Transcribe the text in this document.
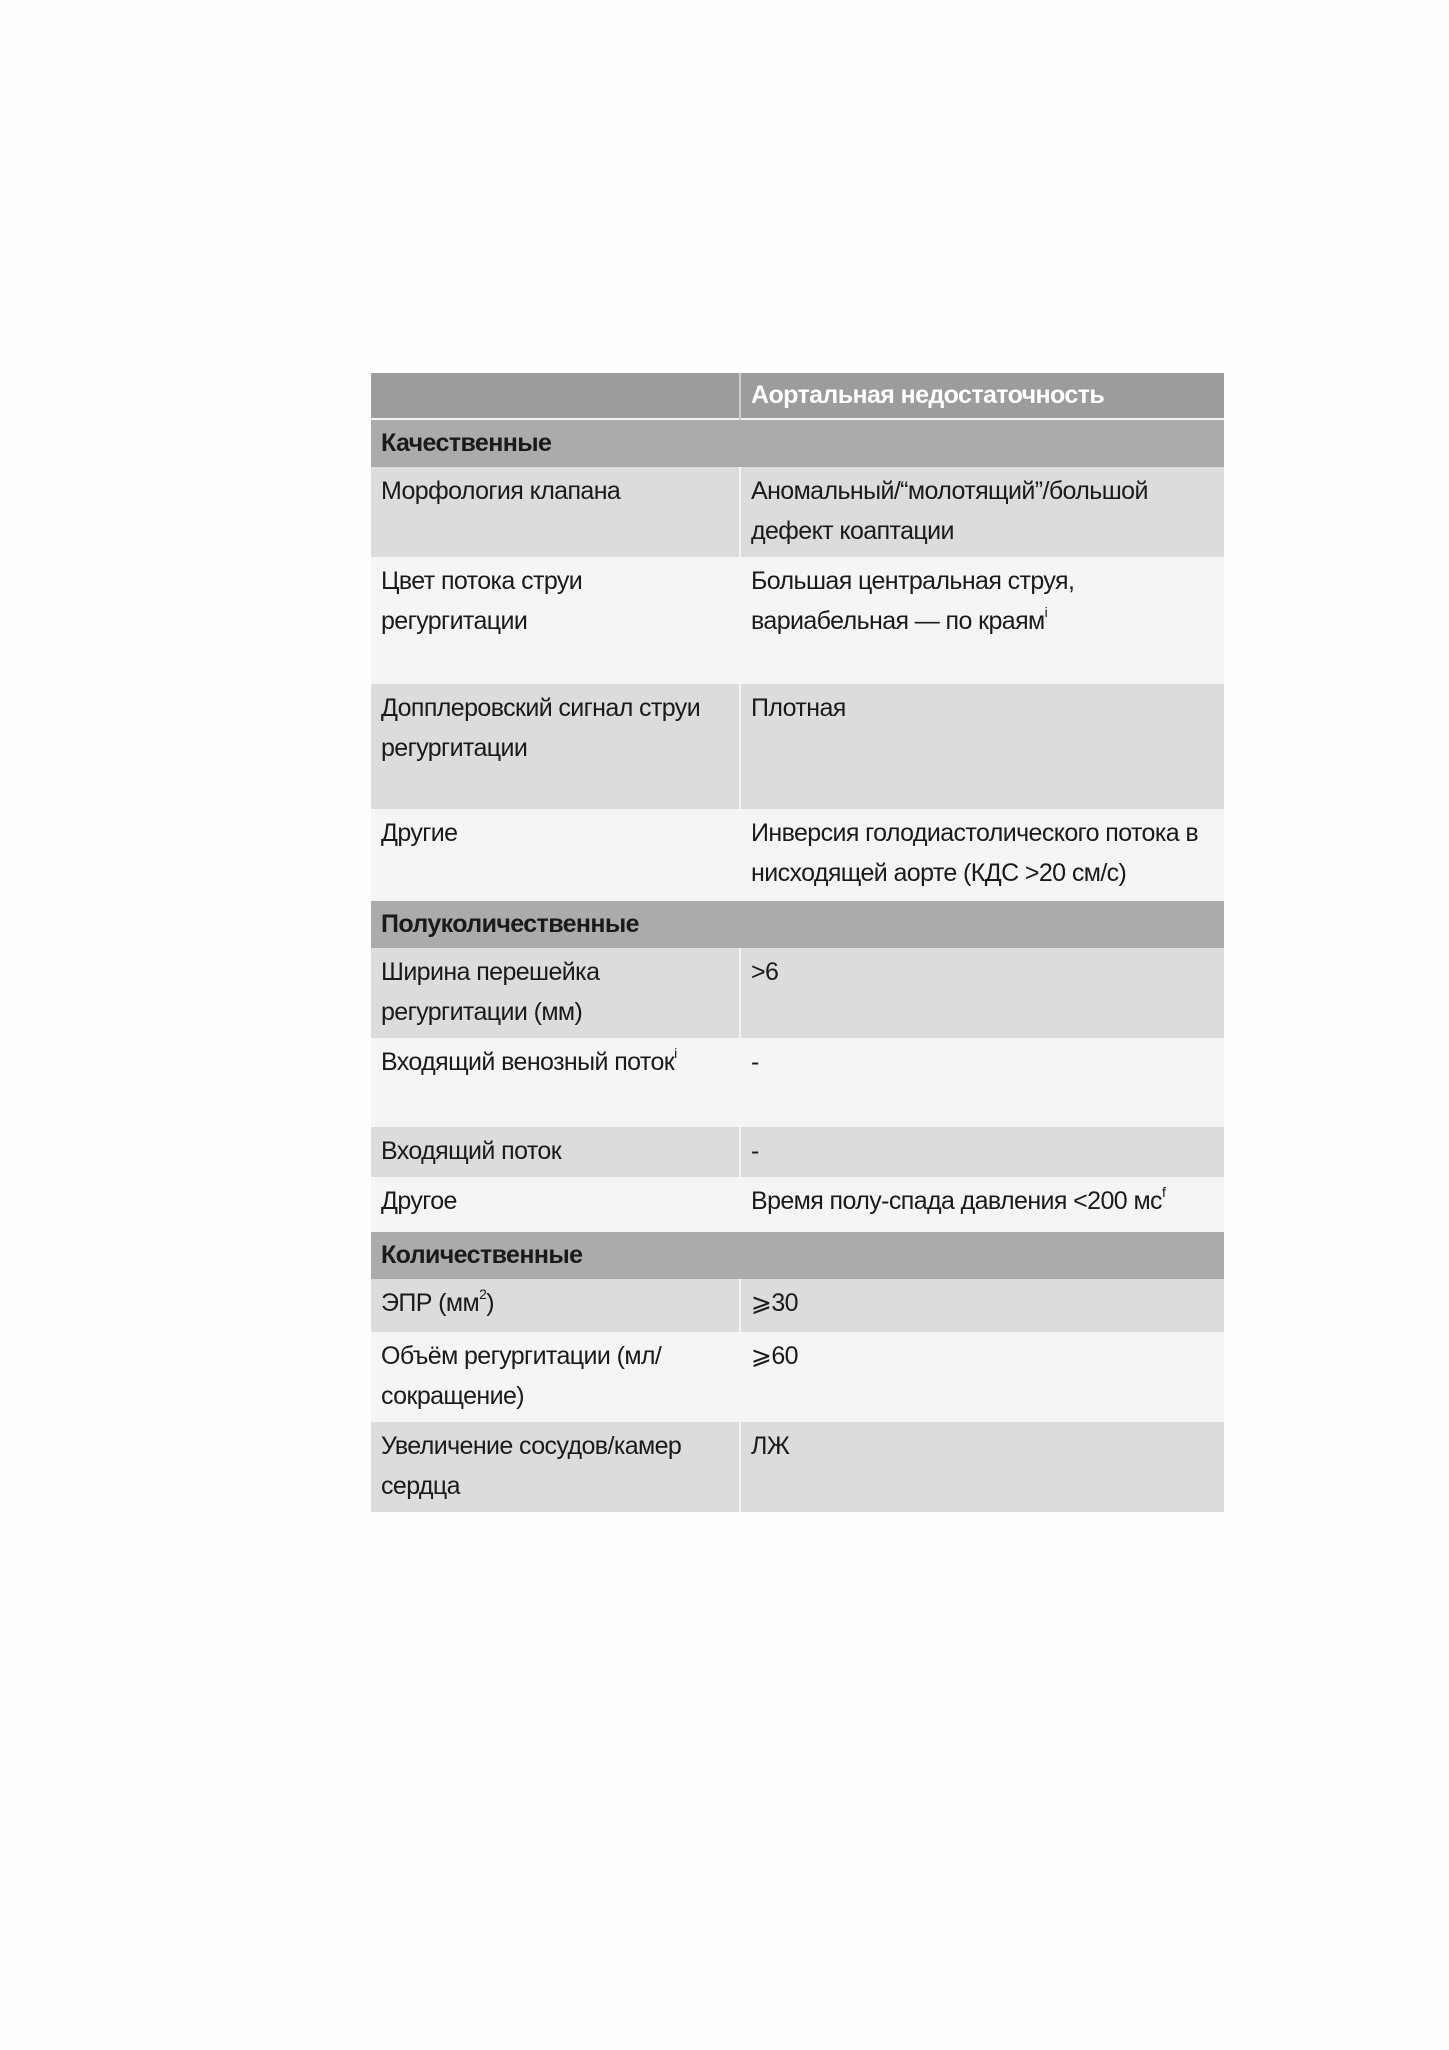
	Аортальная недостаточность
Качественные	
Морфология клапана	Аномальный/“молотящий”/большой дефект коаптации
Цвет потока струи регургитации	Большая центральная струя, вариабельная — по краям$^i$
Допплеровский сигнал струи регургитации	Плотная
Другие	Инверсия голодиастолического потока в нисходящей аорте (КДС >20 см/с)
Полуколичественные	
Ширина перешейка регургитации (мм)	>6
Входящий венозный поток$^i$	-
Входящий поток	-
Другое	Время полу-спада давления <200 $мс^f$
Количественные	
ЭПР $(мм^2)$	⩾30
Объём регургитации (мл/сокращение)	⩾60
Увеличение сосудов/камер сердца	ЛЖ
